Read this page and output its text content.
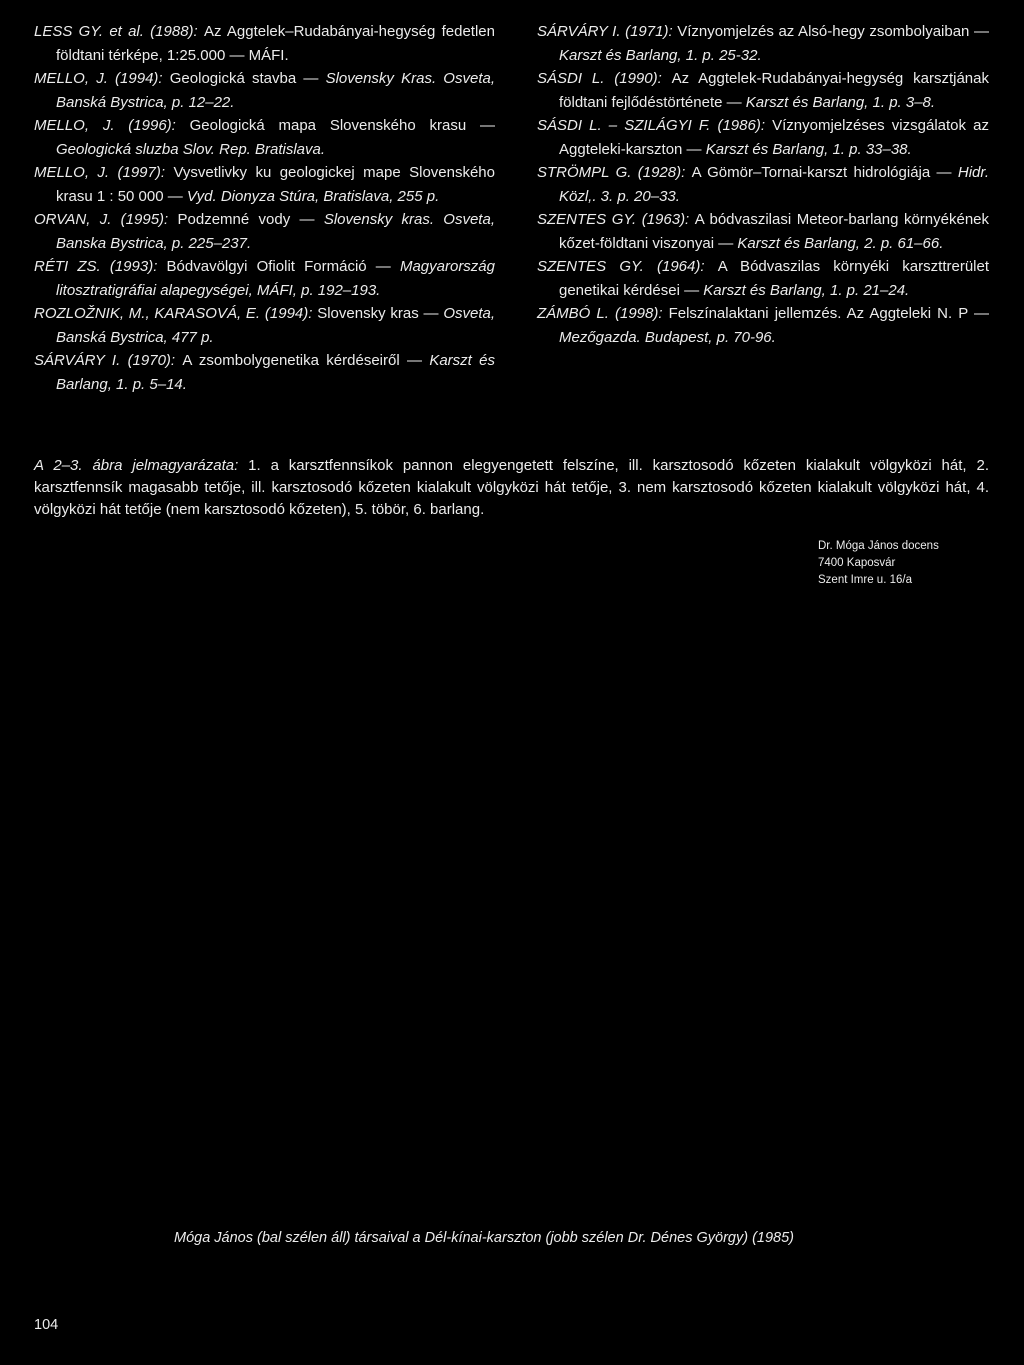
LESS GY. et al. (1988): Az Aggtelek–Rudabányai-hegység fedetlen földtani térképe, 1:25.000 — MÁFI.
MELLO, J. (1994): Geologická stavba — Slovensky Kras. Osveta, Banská Bystrica, p. 12–22.
MELLO, J. (1996): Geologická mapa Slovenského krasu — Geologická sluzba Slov. Rep. Bratislava.
MELLO, J. (1997): Vysvetlivky ku geologickej mape Slovenského krasu 1 : 50 000 — Vyd. Dionyza Stúra, Bratislava, 255 p.
ORVAN, J. (1995): Podzemné vody — Slovensky kras. Osveta, Banska Bystrica, p. 225–237.
RÉTI ZS. (1993): Bódvavölgyi Ofiolit Formáció — Magyarország litosztratigráfiai alapegységei, MÁFI, p. 192–193.
ROZLOŽNIK, M., KARASOVÁ, E. (1994): Slovensky kras — Osveta, Banská Bystrica, 477 p.
SÁRVÁRY I. (1970): A zsombolygenetika kérdéseiről — Karszt és Barlang, 1. p. 5–14.
SÁRVÁRY I. (1971): Víznyomjelzés az Alsó-hegy zsombolyaiban — Karszt és Barlang, 1. p. 25-32.
SÁSDI L. (1990): Az Aggtelek-Rudabányai-hegység karsztjának földtani fejlődéstörténete — Karszt és Barlang, 1. p. 3–8.
SÁSDI L. – SZILÁGYI F. (1986): Víznyomjelzéses vizsgálatok az Aggteleki-karszton — Karszt és Barlang, 1. p. 33–38.
STRÖMPL G. (1928): A Gömör–Tornai-karszt hidrológiája — Hidr. Közl,. 3. p. 20–33.
SZENTES GY. (1963): A bódvaszilasi Meteor-barlang környékének kőzet-földtani viszonyai — Karszt és Barlang, 2. p. 61–66.
SZENTES GY. (1964): A Bódvaszilas környéki karszttrerület genetikai kérdései — Karszt és Barlang, 1. p. 21–24.
ZÁMBÓ L. (1998): Felszínalaktani jellemzés. Az Aggteleki N. P — Mezőgazda. Budapest, p. 70-96.
A 2–3. ábra jelmagyarázata: 1. a karsztfennsíkok pannon elegyengetett felszíne, ill. karsztosodó kőzeten kialakult völgyközi hát, 2. karsztfennsík magasabb tetője, ill. karsztosodó kőzeten kialakult völgyközi hát tetője, 3. nem karsztosodó kőzeten kialakult völgyközi hát, 4. völgyközi hát tetője (nem karsztosodó kőzeten), 5. töbör, 6. barlang.
Dr. Móga János docens
7400 Kaposvár
Szent Imre u. 16/a
Móga János (bal szélen áll) társaival a Dél-kínai-karszton (jobb szélen Dr. Dénes György) (1985)
104
